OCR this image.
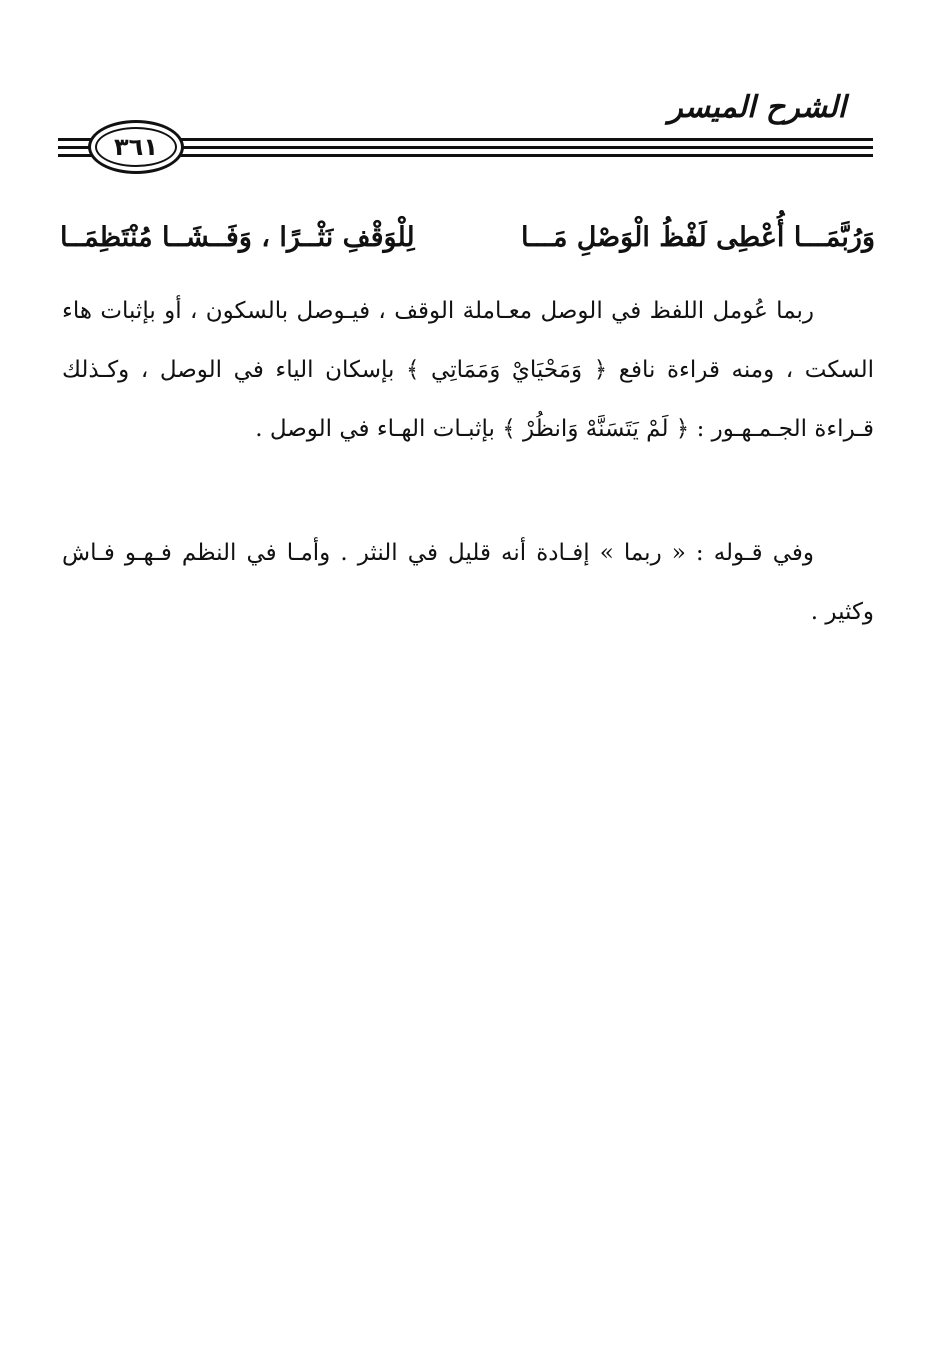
الشرح الميسر
٣٦١
وَرُبَّمَـــا أُعْطِى لَفْظُ الْوَصْلِ مَـــا
لِلْوَقْفِ نَثْــرًا ، وَفَــشَــا مُنْتَظِمَــا
ربما عُومل اللفظ في الوصل معـاملة الوقف ، فيـوصل بالسكون ، أو بإثبات هاء السكت ، ومنه قراءة نافع ﴿ وَمَحْيَايْ وَمَمَاتِي ﴾ بإسكان الياء في الوصل ، وكـذلك قـراءة الجـمـهـور : ﴿ لَمْ يَتَسَنَّهْ وَانظُرْ ﴾ بإثبـات الهـاء في الوصل .
وفي قـوله : « ربما » إفـادة أنه قليل في النثر . وأمـا في النظم فـهـو فـاش وكثير .
